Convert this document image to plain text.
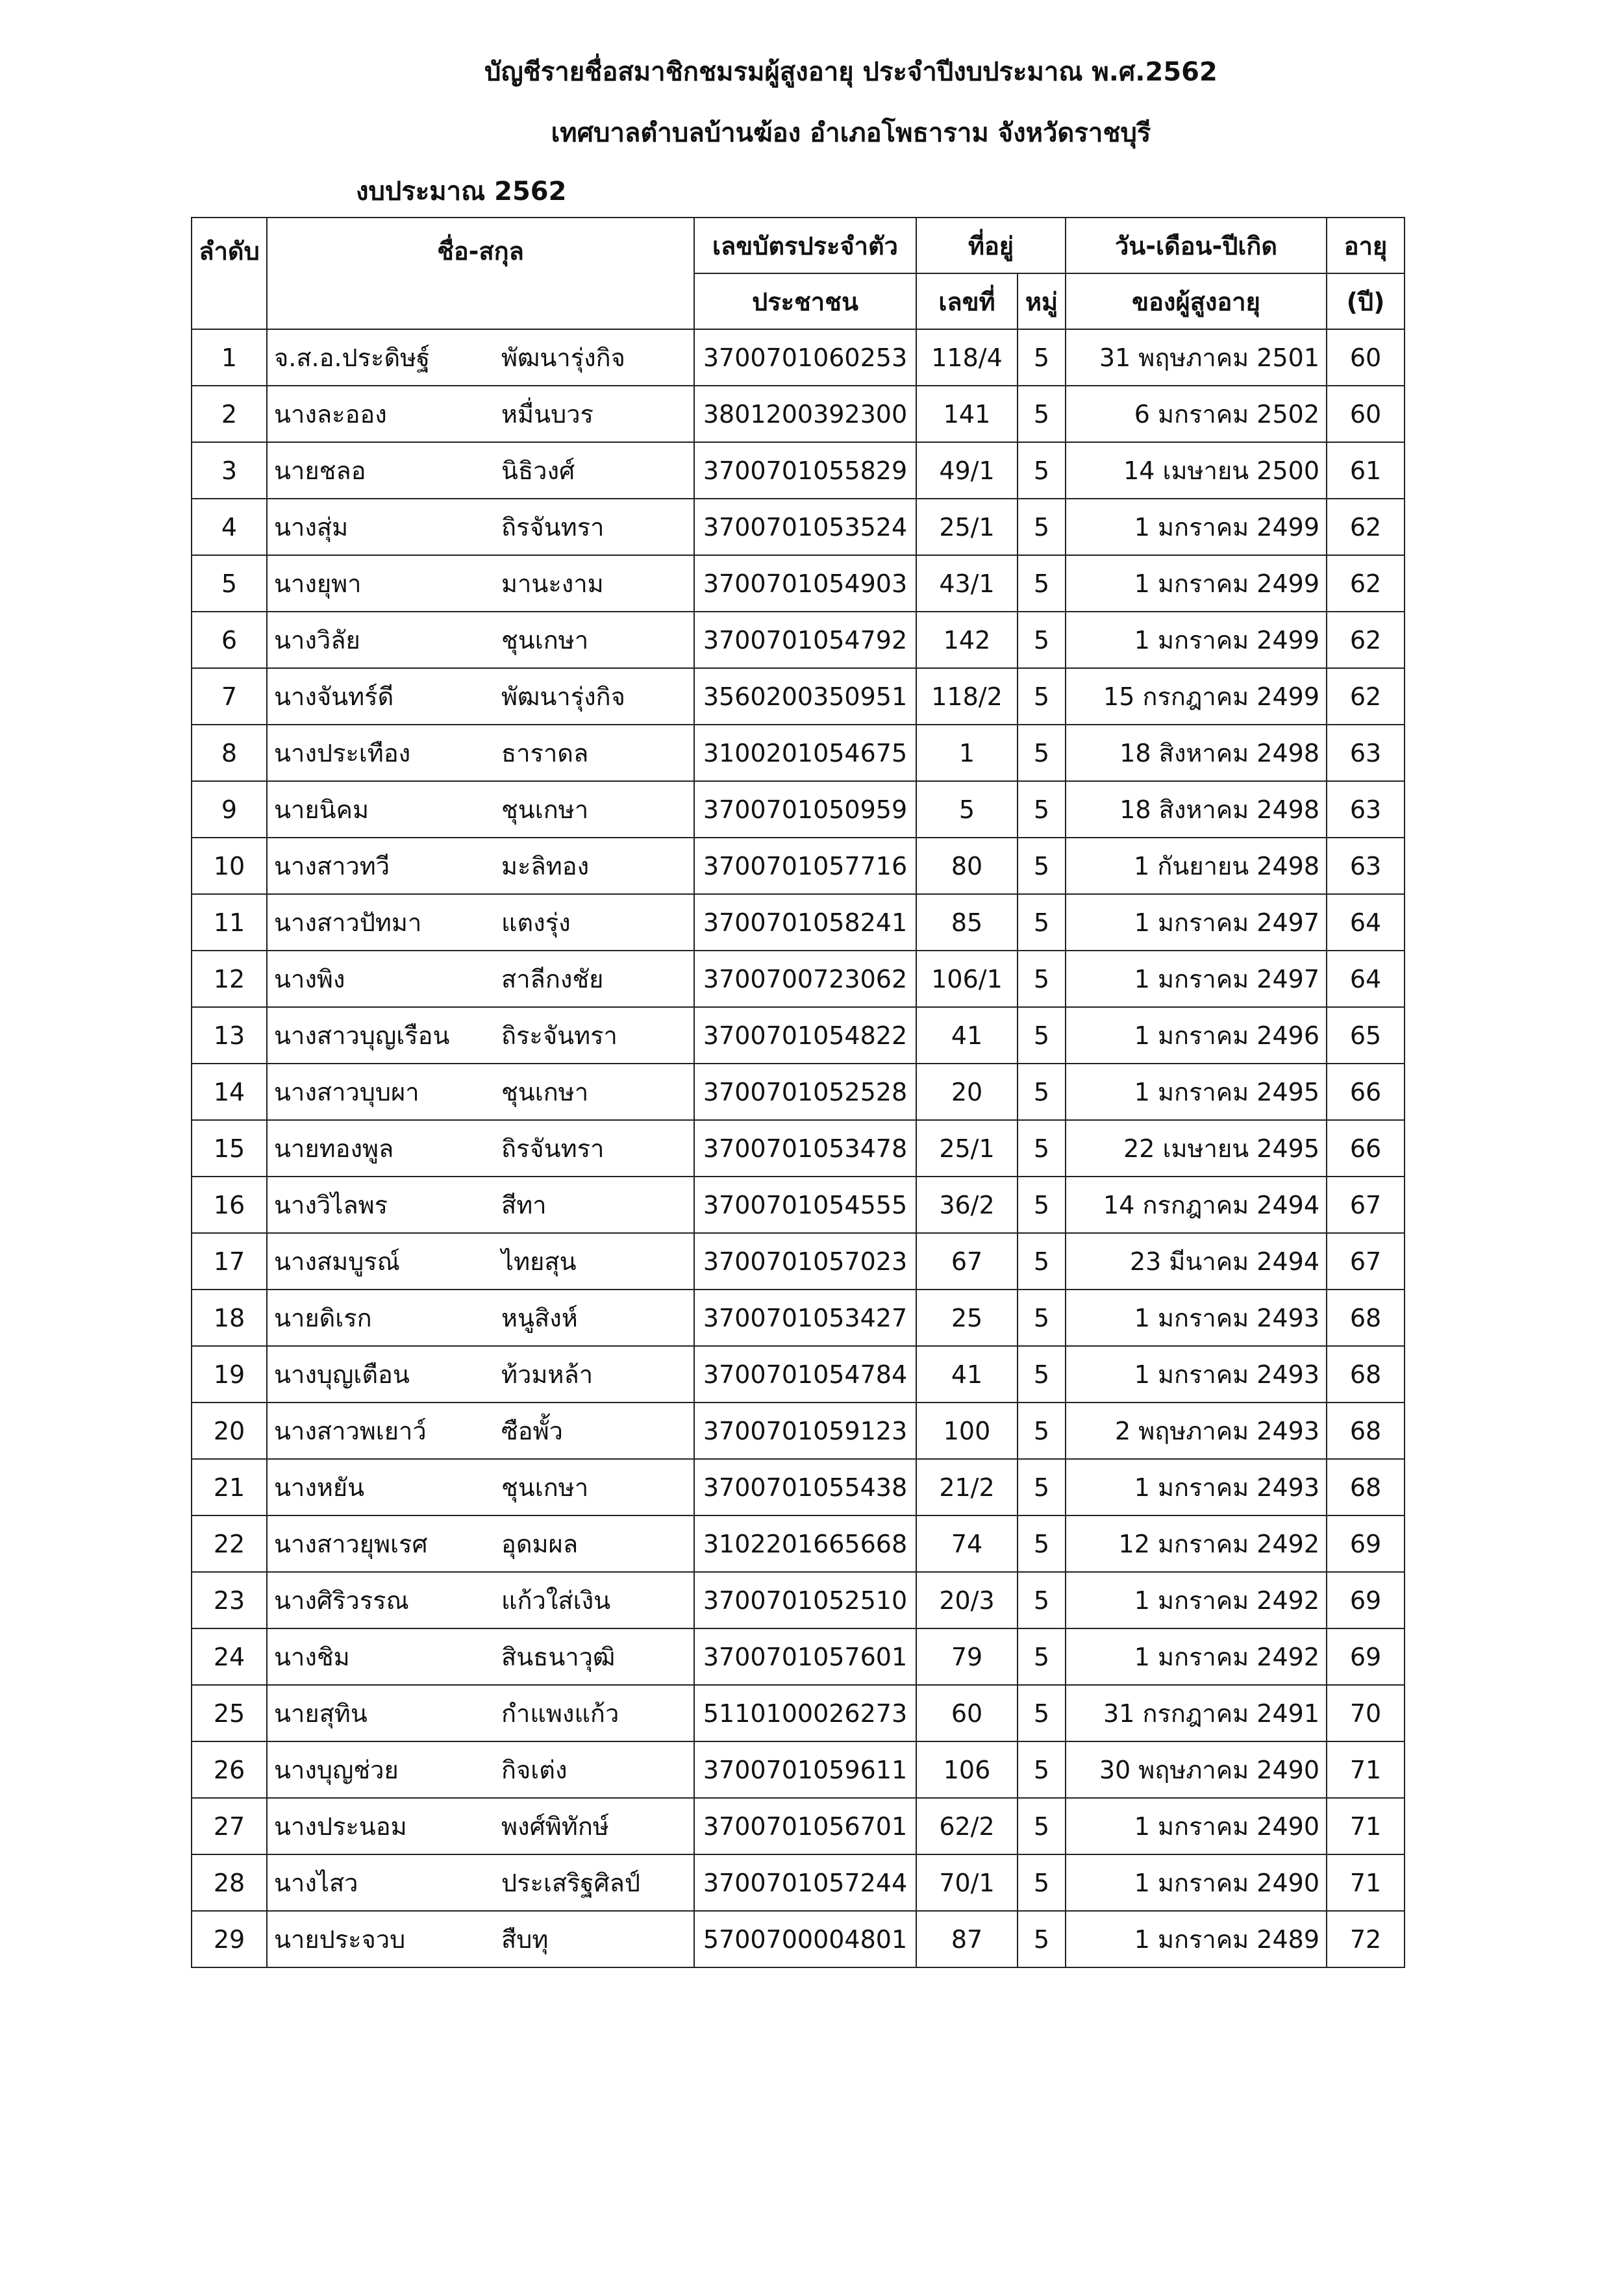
บัญชีรายชื่อสมาชิกชมรมผู้สูงอายุ ประจำปีงบประมาณ พ.ศ.2562
เทศบาลตำบลบ้านฆ้อง อำเภอโพธาราม จังหวัดราชบุรี
งบประมาณ 2562
ลำดับ	ชื่อ-สกุล	เลขบัตรประจำตัว	ที่อยู่		วัน-เดือน-ปีเกิด	อายุ
		ประชาชน	เลขที่	หมู่	ของผู้สูงอายุ	(ปี)
1	จ.ส.อ.ประดิษฐ์ พัฒนารุ่งกิจ	3700701060253	118/4	5	31 พฤษภาคม 2501	60
2	นางละออง หมื่นบวร	3801200392300	141	5	6 มกราคม 2502	60
3	นายชลอ นิธิวงศ์	3700701055829	49/1	5	14 เมษายน 2500	61
4	นางสุ่ม ถิรจันทรา	3700701053524	25/1	5	1 มกราคม 2499	62
5	นางยุพา มานะงาม	3700701054903	43/1	5	1 มกราคม 2499	62
6	นางวิลัย ชุนเกษา	3700701054792	142	5	1 มกราคม 2499	62
7	นางจันทร์ดี พัฒนารุ่งกิจ	3560200350951	118/2	5	15 กรกฎาคม 2499	62
8	นางประเทือง ธาราดล	3100201054675	1	5	18 สิงหาคม 2498	63
9	นายนิคม ชุนเกษา	3700701050959	5	5	18 สิงหาคม 2498	63
10	นางสาวทวี มะลิทอง	3700701057716	80	5	1 กันยายน 2498	63
11	นางสาวปัทมา แตงรุ่ง	3700701058241	85	5	1 มกราคม 2497	64
12	นางพิง สาลีกงชัย	3700700723062	106/1	5	1 มกราคม 2497	64
13	นางสาวบุญเรือน ถิระจันทรา	3700701054822	41	5	1 มกราคม 2496	65
14	นางสาวบุบผา ชุนเกษา	3700701052528	20	5	1 มกราคม 2495	66
15	นายทองพูล ถิรจันทรา	3700701053478	25/1	5	22 เมษายน 2495	66
16	นางวิไลพร สีทา	3700701054555	36/2	5	14 กรกฎาคม 2494	67
17	นางสมบูรณ์ ไทยสุน	3700701057023	67	5	23 มีนาคม 2494	67
18	นายดิเรก หนูสิงห์	3700701053427	25	5	1 มกราคม 2493	68
19	นางบุญเตือน ท้วมหล้า	3700701054784	41	5	1 มกราคม 2493	68
20	นางสาวพเยาว์ ซือพั้ว	3700701059123	100	5	2 พฤษภาคม 2493	68
21	นางหยัน ชุนเกษา	3700701055438	21/2	5	1 มกราคม 2493	68
22	นางสาวยุพเรศ อุดมผล	3102201665668	74	5	12 มกราคม 2492	69
23	นางศิริวรรณ แก้วใส่เงิน	3700701052510	20/3	5	1 มกราคม 2492	69
24	นางชิม สินธนาวุฒิ	3700701057601	79	5	1 มกราคม 2492	69
25	นายสุทิน กำแพงแก้ว	5110100026273	60	5	31 กรกฎาคม 2491	70
26	นางบุญช่วย กิจเต่ง	3700701059611	106	5	30 พฤษภาคม 2490	71
27	นางประนอม พงศ์พิทักษ์	3700701056701	62/2	5	1 มกราคม 2490	71
28	นางไสว ประเสริฐศิลป์	3700701057244	70/1	5	1 มกราคม 2490	71
29	นายประจวบ สืบทุ	5700700004801	87	5	1 มกราคม 2489	72
